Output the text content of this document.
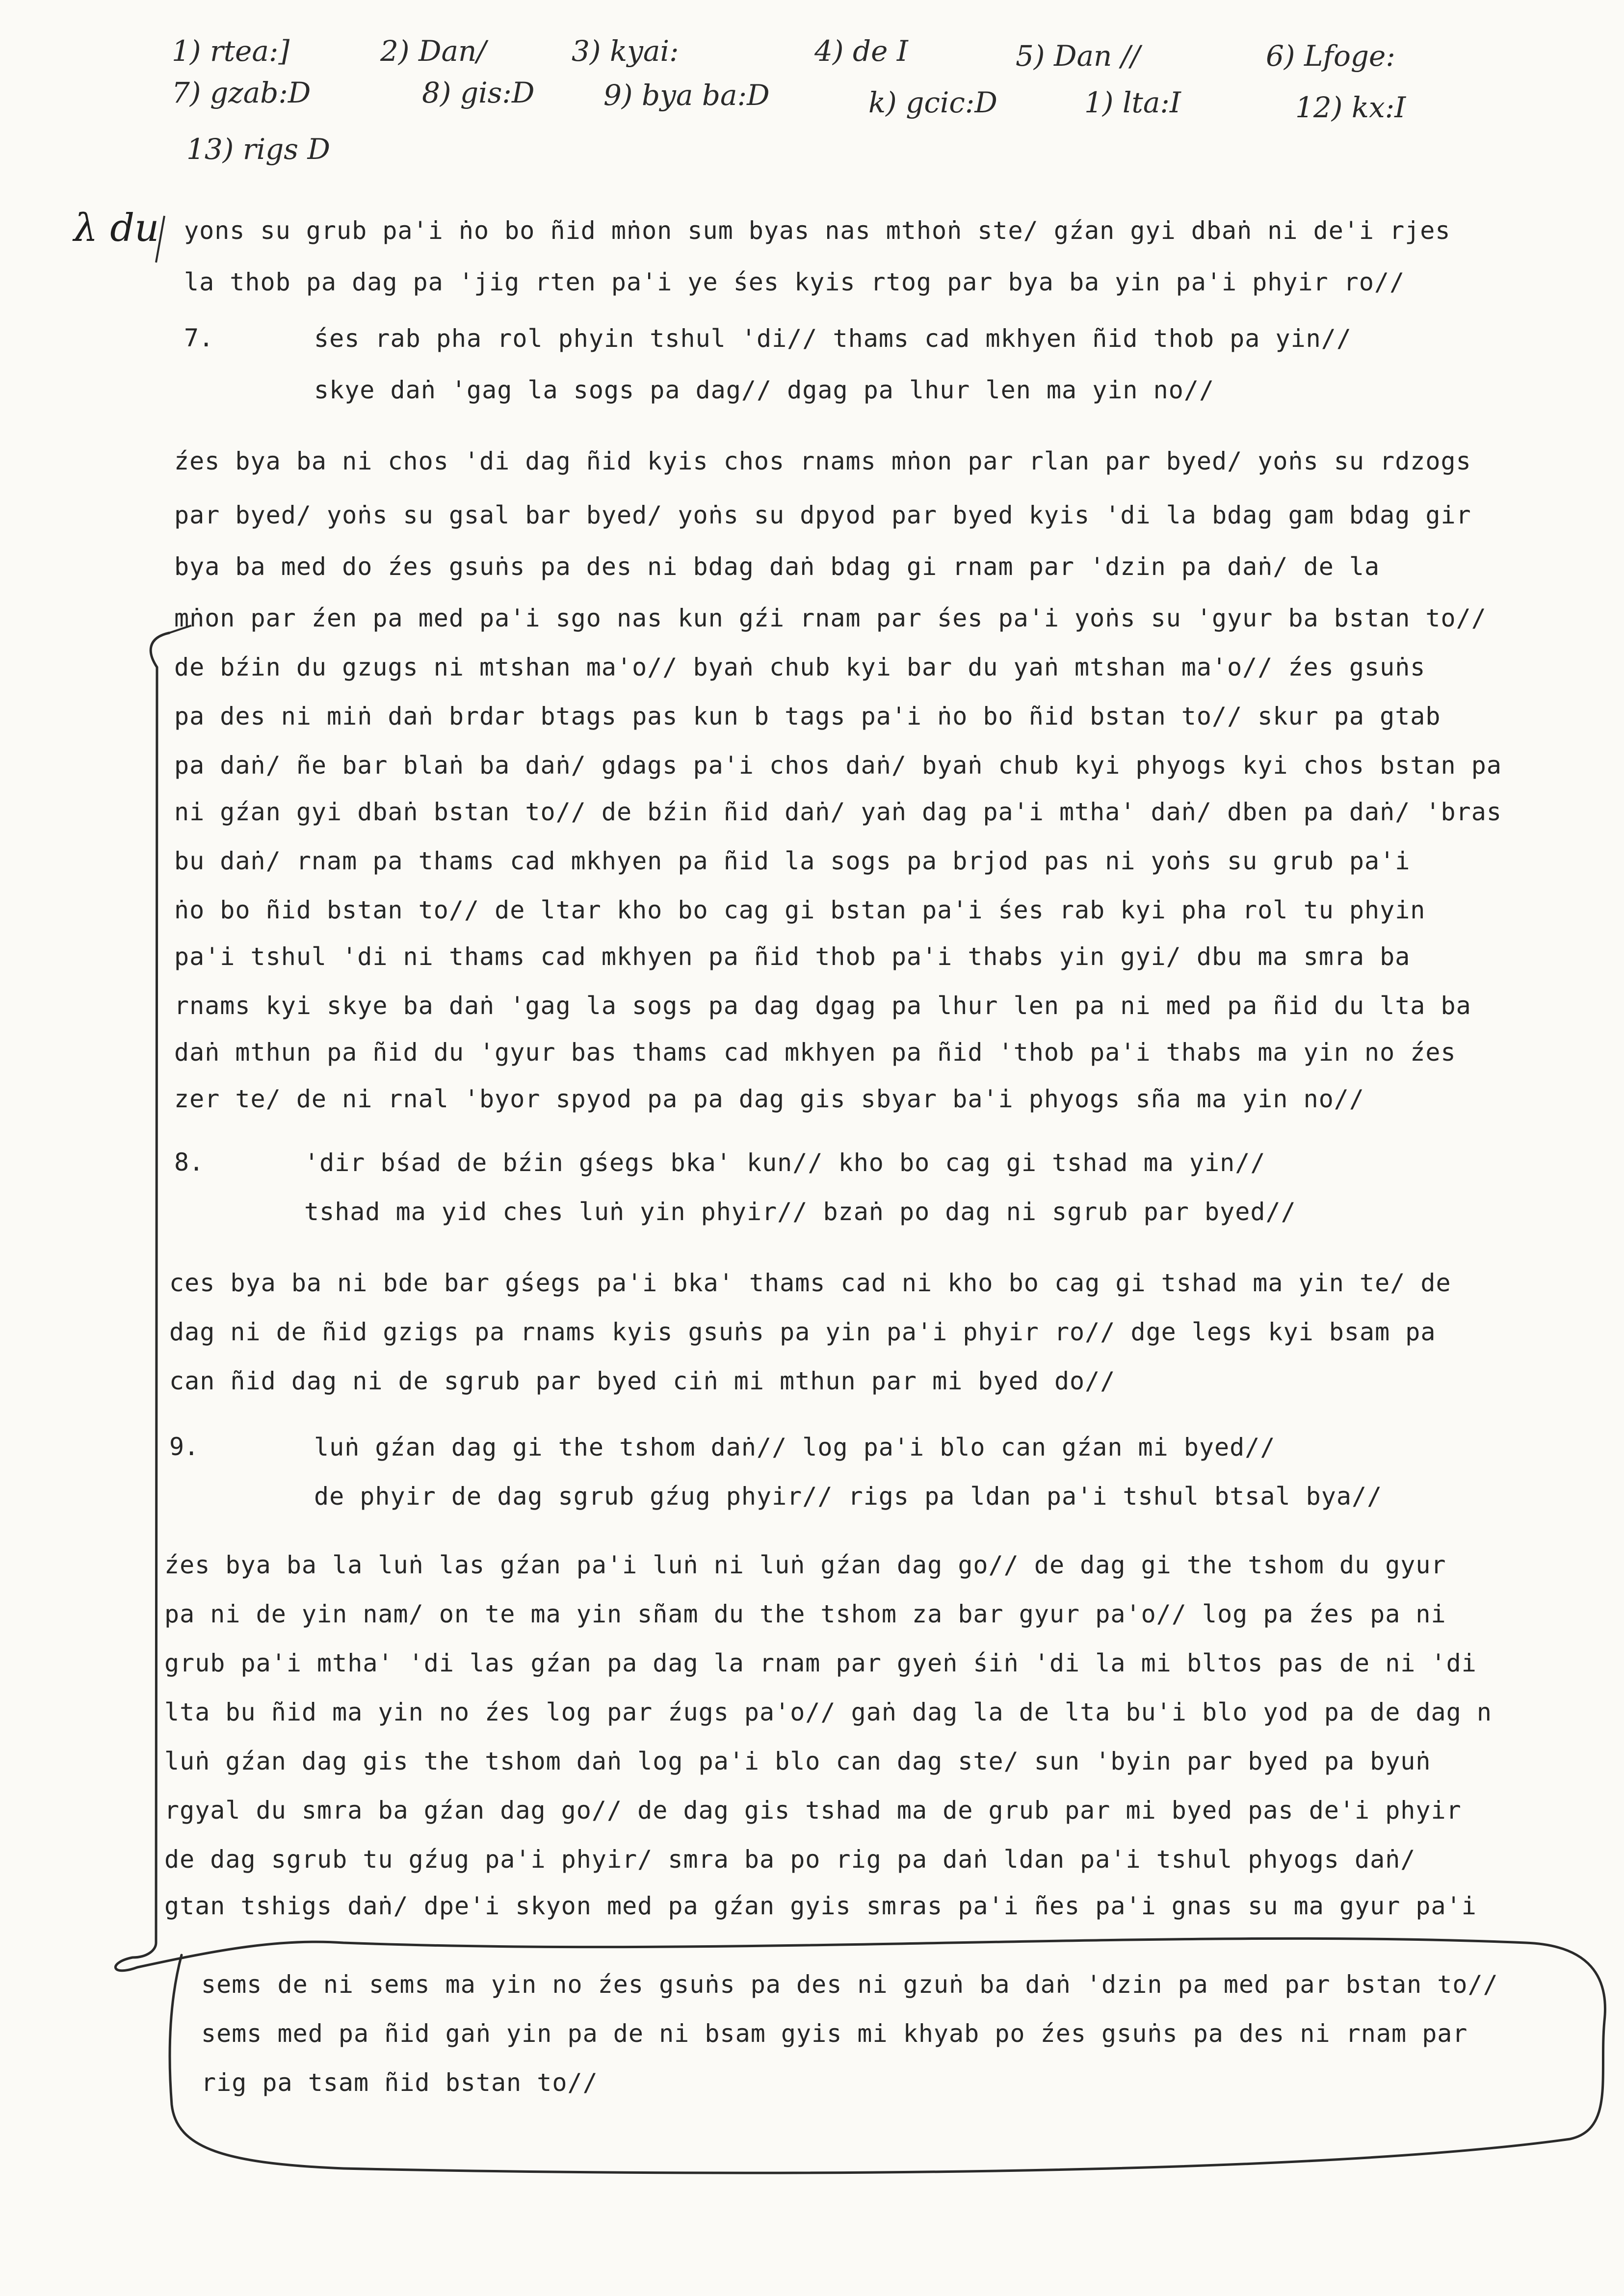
1) rtea:]	2) Dan/	3) kyai:	4) de I	5) Dan //	6) Lfoge:
7) gzab:D	8) gis:D 9) bya ba:D	k) gcic:D	1) lta:I	12) kx:I
13) rigs D
λ du yons su grub pa'i ṅo bo ñid mṅon sum byas nas mthoṅ ste/ gźan gyi dbaṅ ni de'i rjes
la thob pa dag pa 'jig rten pa'i ye śes kyis rtog par bya ba yin pa'i phyir ro//
7.	śes rab pha rol phyin tshul 'di// thams cad mkhyen ñid thob pa yin//
skye daṅ 'gag la sogs pa dag// dgag pa lhur len ma yin no//
źes bya ba ni chos 'di dag ñid kyis chos rnams mṅon par rlan par byed/ yoṅs su rdzogs
par byed/ yoṅs su gsal bar byed/ yoṅs su dpyod par byed kyis 'di la bdag gam bdag gir
bya ba med do źes gsuṅs pa des ni bdag daṅ bdag gi rnam par 'dzin pa daṅ/ de la
mṅon par źen pa med pa'i sgo nas kun gźi rnam par śes pa'i yoṅs su 'gyur ba bstan to//
de bźin du gzugs ni mtshan ma'o// byaṅ chub kyi bar du yaṅ mtshan ma'o// źes gsuṅs
pa des ni miṅ daṅ brdar btags pas kun b tags pa'i ṅo bo ñid bstan to// skur pa gtab
pa daṅ/ ñe bar blaṅ ba daṅ/ gdags pa'i chos daṅ/ byaṅ chub kyi phyogs kyi chos bstan pa
ni gźan gyi dbaṅ bstan to// de bźin ñid daṅ/ yaṅ dag pa'i mtha' daṅ/ dben pa daṅ/ 'bras
bu daṅ/ rnam pa thams cad mkhyen pa ñid la sogs pa brjod pas ni yoṅs su grub pa'i
ṅo bo ñid bstan to// de ltar kho bo cag gi bstan pa'i śes rab kyi pha rol tu phyin
pa'i tshul 'di ni thams cad mkhyen pa ñid thob pa'i thabs yin gyi/ dbu ma smra ba
rnams kyi skye ba daṅ 'gag la sogs pa dag dgag pa lhur len pa ni med pa ñid du lta ba
daṅ mthun pa ñid du 'gyur bas thams cad mkhyen pa ñid 'thob pa'i thabs ma yin no źes
zer te/ de ni rnal 'byor spyod pa pa dag gis sbyar ba'i phyogs sña ma yin no//
8.	'dir bśad de bźin gśegs bka' kun// kho bo cag gi tshad ma yin//
tshad ma yid ches luṅ yin phyir// bzaṅ po dag ni sgrub par byed//
ces bya ba ni bde bar gśegs pa'i bka' thams cad ni kho bo cag gi tshad ma yin te/ de
dag ni de ñid gzigs pa rnams kyis gsuṅs pa yin pa'i phyir ro// dge legs kyi bsam pa
can ñid dag ni de sgrub par byed ciṅ mi mthun par mi byed do//
9.	luṅ gźan dag gi the tshom daṅ// log pa'i blo can gźan mi byed//
de phyir de dag sgrub gźug phyir// rigs pa ldan pa'i tshul btsal bya//
źes bya ba la luṅ las gźan pa'i luṅ ni luṅ gźan dag go// de dag gi the tshom du gyur
pa ni de yin nam/ on te ma yin sñam du the tshom za bar gyur pa'o// log pa źes pa ni
grub pa'i mtha' 'di las gźan pa dag la rnam par gyeṅ śiṅ 'di la mi bltos pas de ni 'di
lta bu ñid ma yin no źes log par źugs pa'o// gaṅ dag la de lta bu'i blo yod pa de dag n
luṅ gźan dag gis the tshom daṅ log pa'i blo can dag ste/ sun 'byin par byed pa byuṅ
rgyal du smra ba gźan dag go// de dag gis tshad ma de grub par mi byed pas de'i phyir
de dag sgrub tu gźug pa'i phyir/ smra ba po rig pa daṅ ldan pa'i tshul phyogs daṅ/
gtan tshigs daṅ/ dpe'i skyon med pa gźan gyis smras pa'i ñes pa'i gnas su ma gyur pa'i
sems de ni sems ma yin no źes gsuṅs pa des ni gzuṅ ba daṅ 'dzin pa med par bstan to//
sems med pa ñid gaṅ yin pa de ni bsam gyis mi khyab po źes gsuṅs pa des ni rnam par
rig pa tsam ñid bstan to//
